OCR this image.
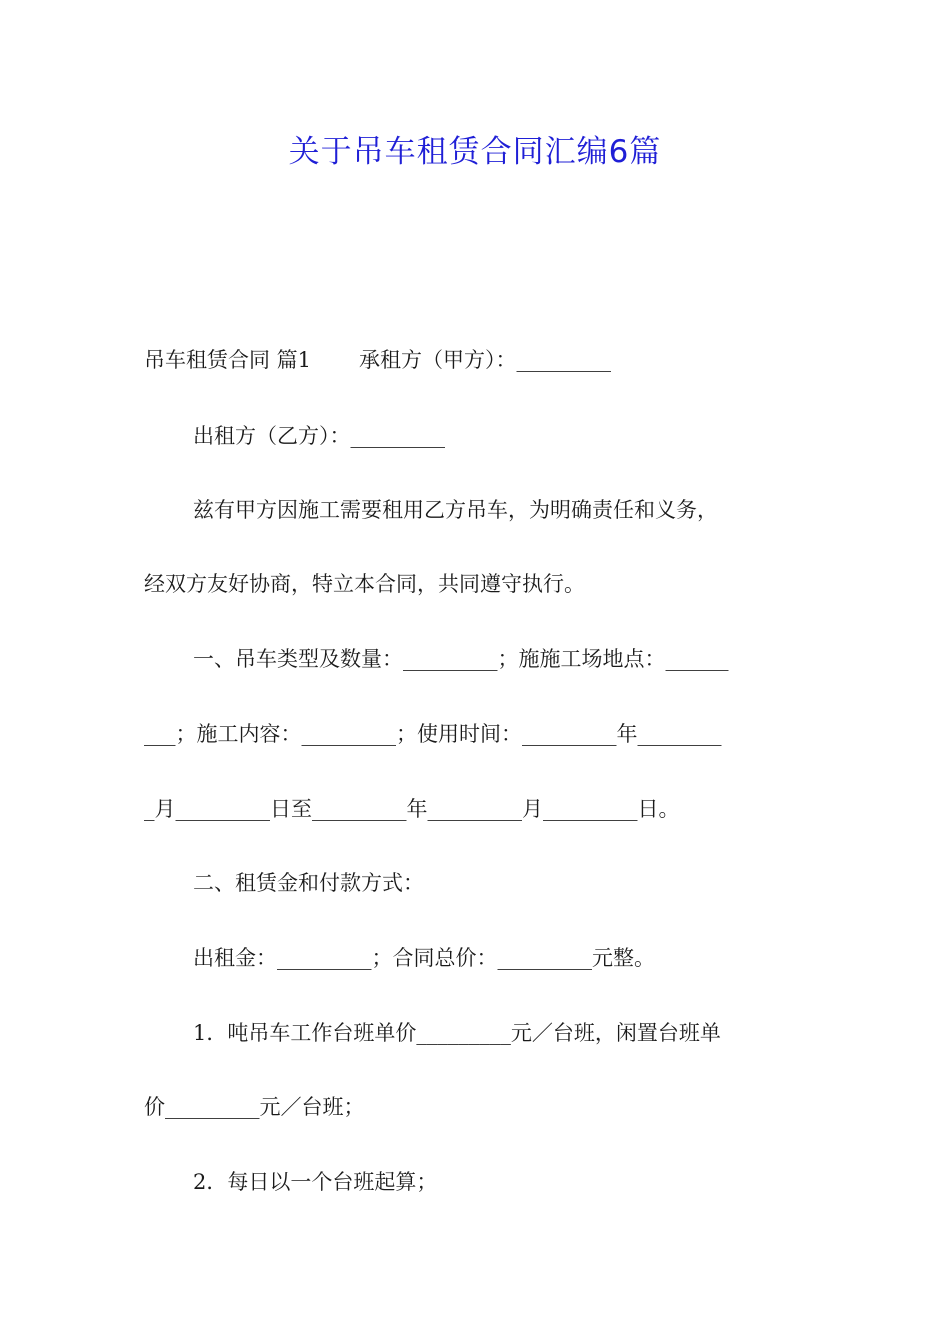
关于吊车租赁合同汇编6篇
吊车租赁合同 篇1 承租方（甲方）：_________
出租方（乙方）：_________
兹有甲方因施工需要租用乙方吊车，为明确责任和义务，
经双方友好协商，特立本合同，共同遵守执行。
一、吊车类型及数量：_________；施施工场地点：______
___；施工内容：_________；使用时间：_________年________
_月_________日至_________年_________月_________日。
二、租赁金和付款方式：
出租金：_________；合同总价：_________元整。
1．吨吊车工作台班单价_________元／台班，闲置台班单
价_________元／台班；
2．每日以一个台班起算；
